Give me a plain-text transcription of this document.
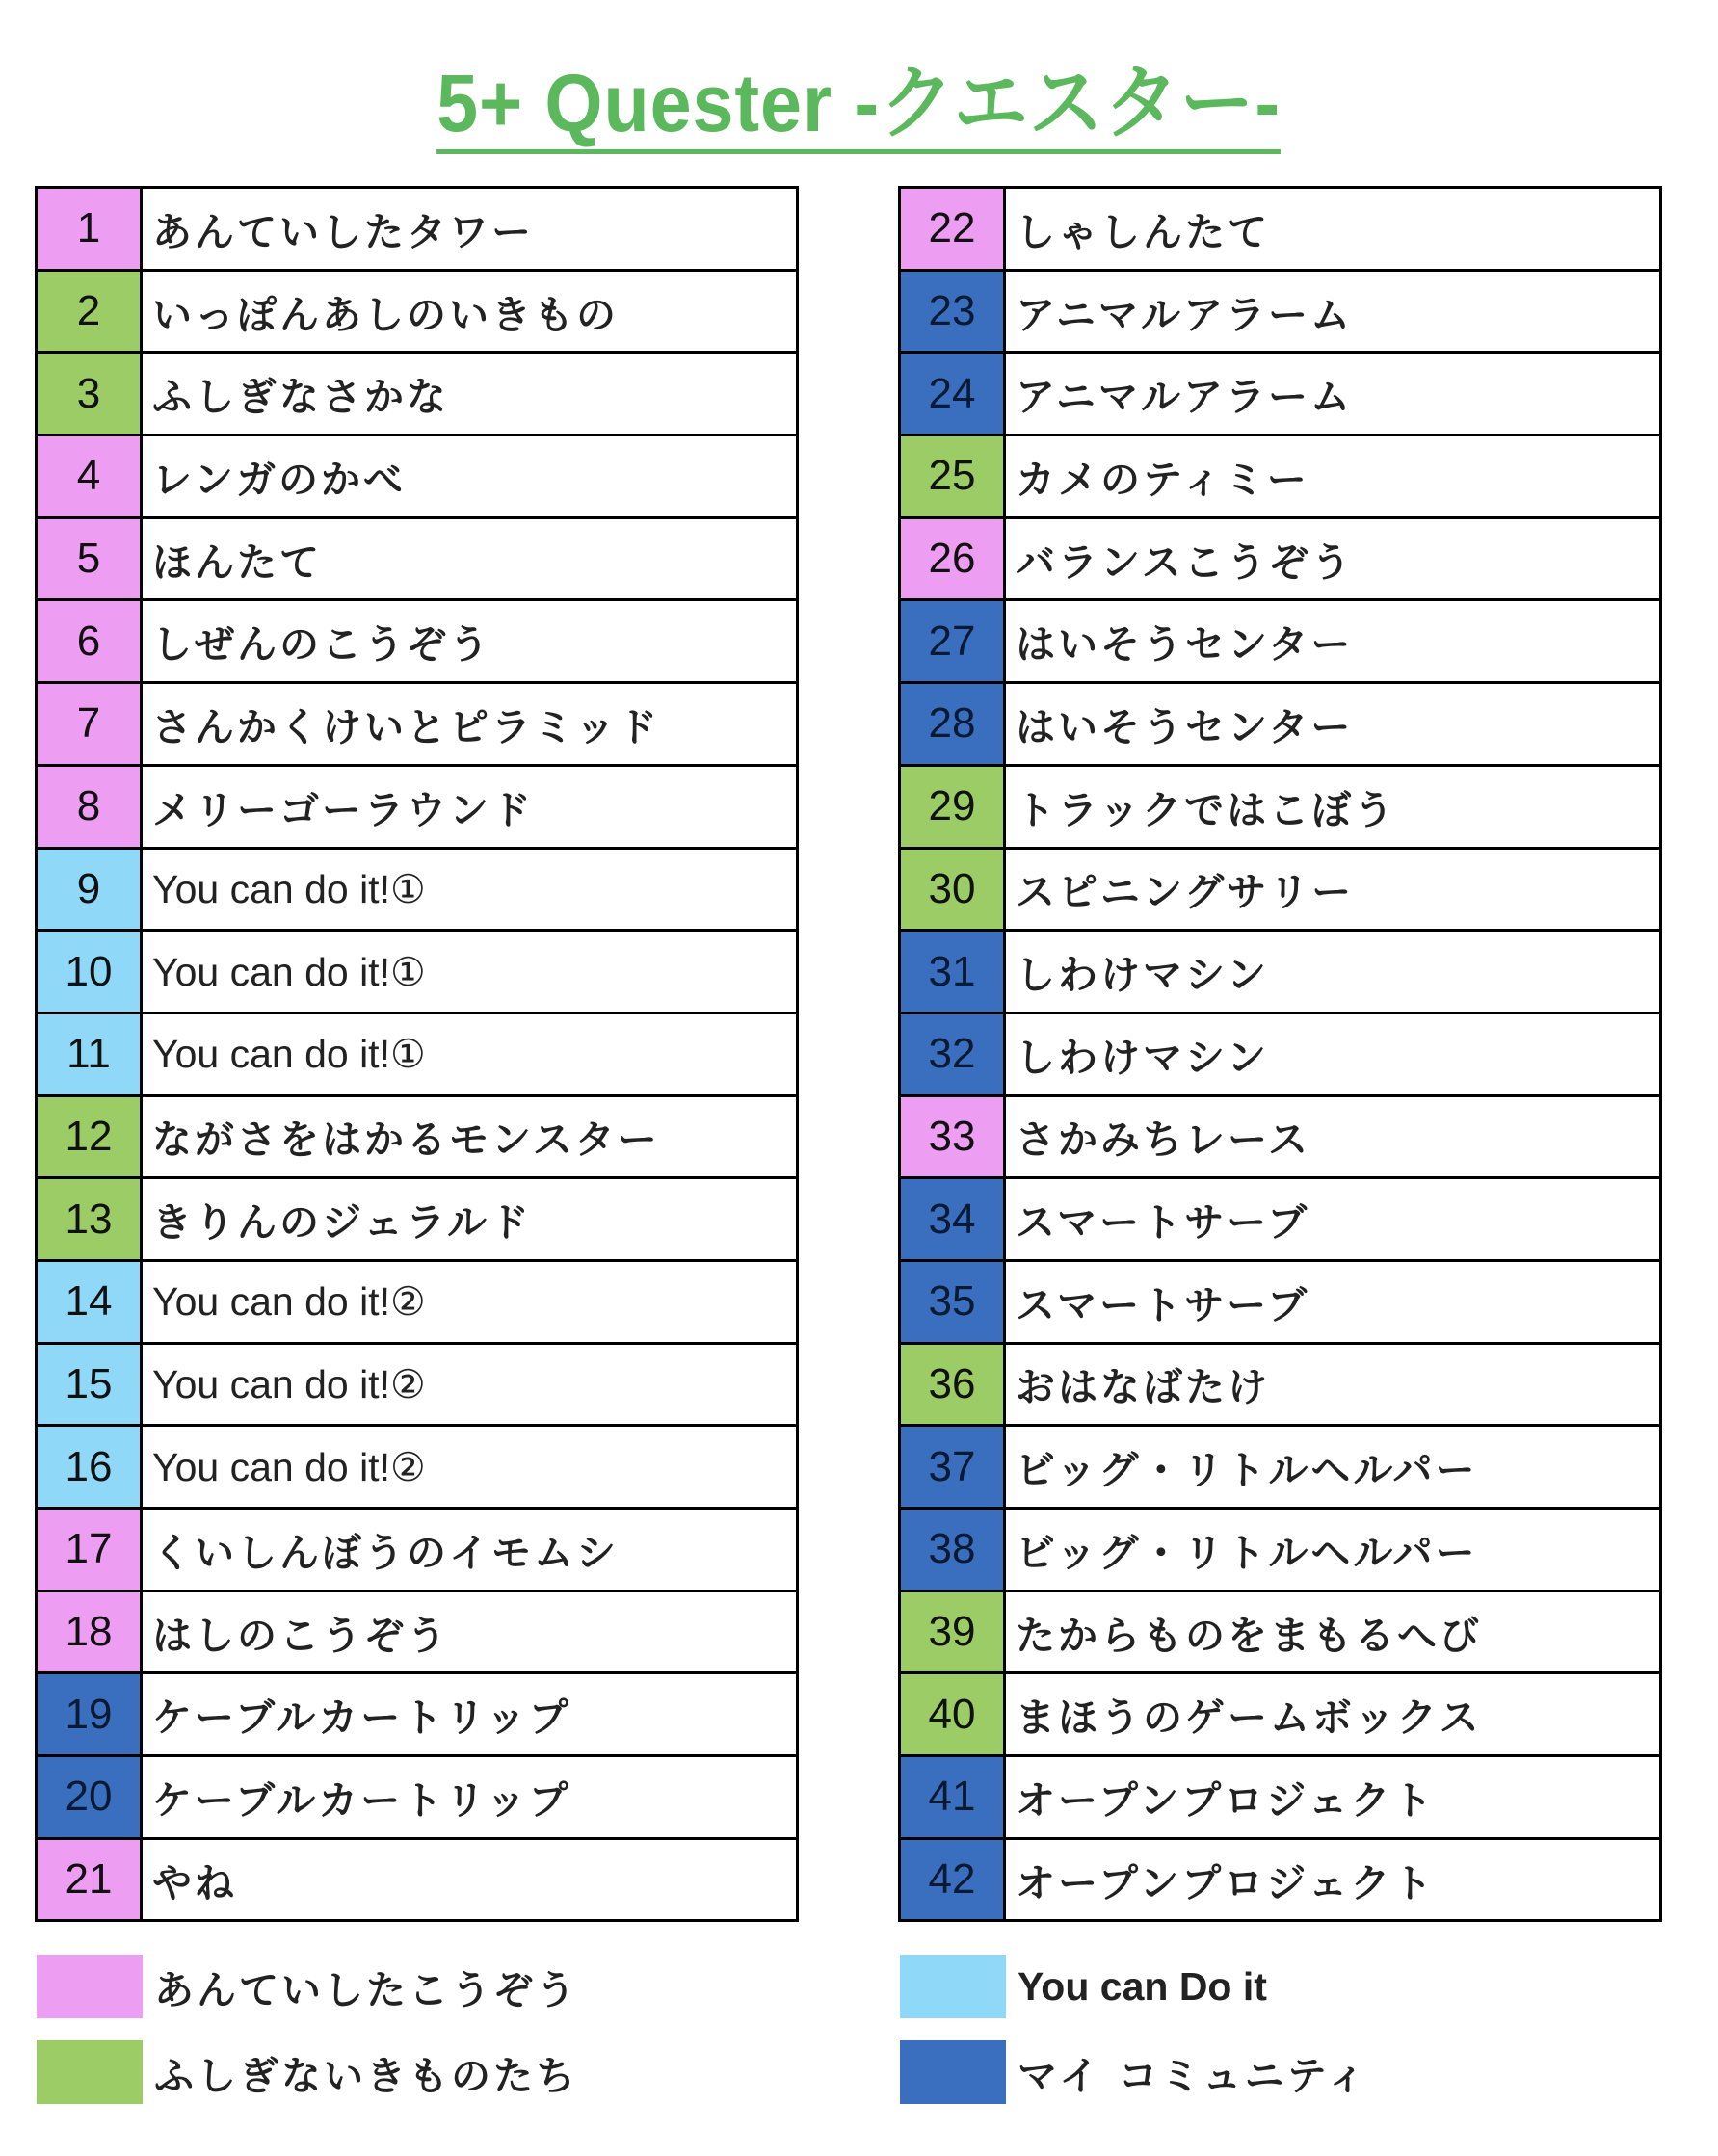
5+ Quester -クエスター-
1	あんていしたタワー
2	いっぽんあしのいきもの
3	ふしぎなさかな
4	レンガのかべ
5	ほんたて
6	しぜんのこうぞう
7	さんかくけいとピラミッド
8	メリーゴーラウンド
9	You can do it!①
10	You can do it!①
11	You can do it!①
12	ながさをはかるモンスター
13	きりんのジェラルド
14	You can do it!②
15	You can do it!②
16	You can do it!②
17	くいしんぼうのイモムシ
18	はしのこうぞう
19	ケーブルカートリップ
20	ケーブルカートリップ
21	やね
22	しゃしんたて
23	アニマルアラーム
24	アニマルアラーム
25	カメのティミー
26	バランスこうぞう
27	はいそうセンター
28	はいそうセンター
29	トラックではこぼう
30	スピニングサリー
31	しわけマシン
32	しわけマシン
33	さかみちレース
34	スマートサーブ
35	スマートサーブ
36	おはなばたけ
37	ビッグ・リトルヘルパー
38	ビッグ・リトルヘルパー
39	たからものをまもるへび
40	まほうのゲームボックス
41	オープンプロジェクト
42	オープンプロジェクト
あんていしたこうぞう	You can Do it
ふしぎないきものたち	マイ コミュニティ
